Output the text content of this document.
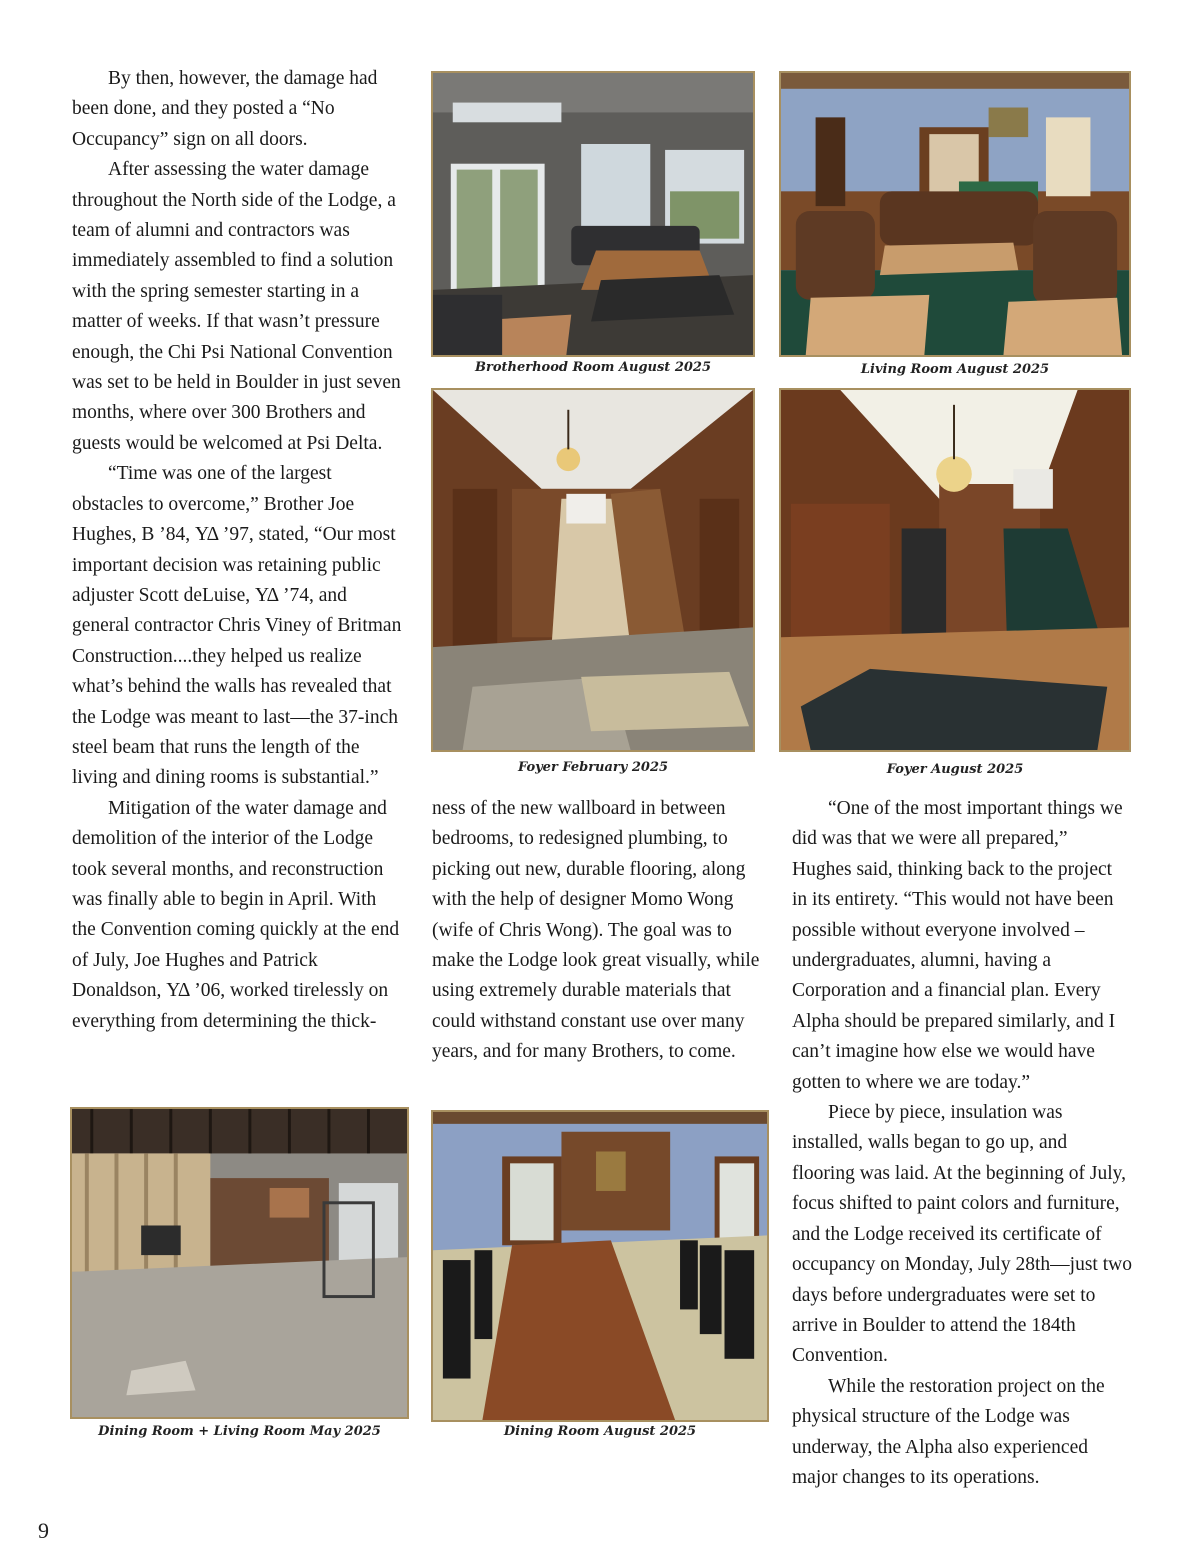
By then, however, the damage had been done, and they posted a “No Occupancy” sign on all doors.

After assessing the water damage throughout the North side of the Lodge, a team of alumni and contractors was immediately assembled to find a solution with the spring semester starting in a matter of weeks. If that wasn’t pressure enough, the Chi Psi National Convention was set to be held in Boulder in just seven months, where over 300 Brothers and guests would be welcomed at Psi Delta.

“Time was one of the largest obstacles to overcome,” Brother Joe Hughes, B ’84, ΥΔ ’97, stated, “Our most important decision was retaining public adjuster Scott deLuise, ΥΔ ’74, and general contractor Chris Viney of Britman Construction....they helped us realize what’s behind the walls has revealed that the Lodge was meant to last—the 37-inch steel beam that runs the length of the living and dining rooms is substantial.”

Mitigation of the water damage and demolition of the interior of the Lodge took several months, and reconstruction was finally able to begin in April. With the Convention coming quickly at the end of July, Joe Hughes and Patrick Donaldson, ΥΔ ’06, worked tirelessly on everything from determining the thick-

Brotherhood Room August 2025	Living Room August 2025
Foyer February 2025	Foyer August 2025

ness of the new wallboard in between bedrooms, to redesigned plumbing, to picking out new, durable flooring, along with the help of designer Momo Wong (wife of Chris Wong). The goal was to make the Lodge look great visually, while using extremely durable materials that could withstand constant use over many years, and for many Brothers, to come.

“One of the most important things we did was that we were all prepared,” Hughes said, thinking back to the project in its entirety. “This would not have been possible without everyone involved – undergraduates, alumni, having a Corporation and a financial plan. Every Alpha should be prepared similarly, and I can’t imagine how else we would have gotten to where we are today.”

Piece by piece, insulation was installed, walls began to go up, and flooring was laid. At the beginning of July, focus shifted to paint colors and furniture, and the Lodge received its certificate of occupancy on Monday, July 28th—just two days before undergraduates were set to arrive in Boulder to attend the 184th Convention.

While the restoration project on the physical structure of the Lodge was underway, the Alpha also experienced major changes to its operations.

Dining Room + Living Room May 2025	Dining Room August 2025
9
